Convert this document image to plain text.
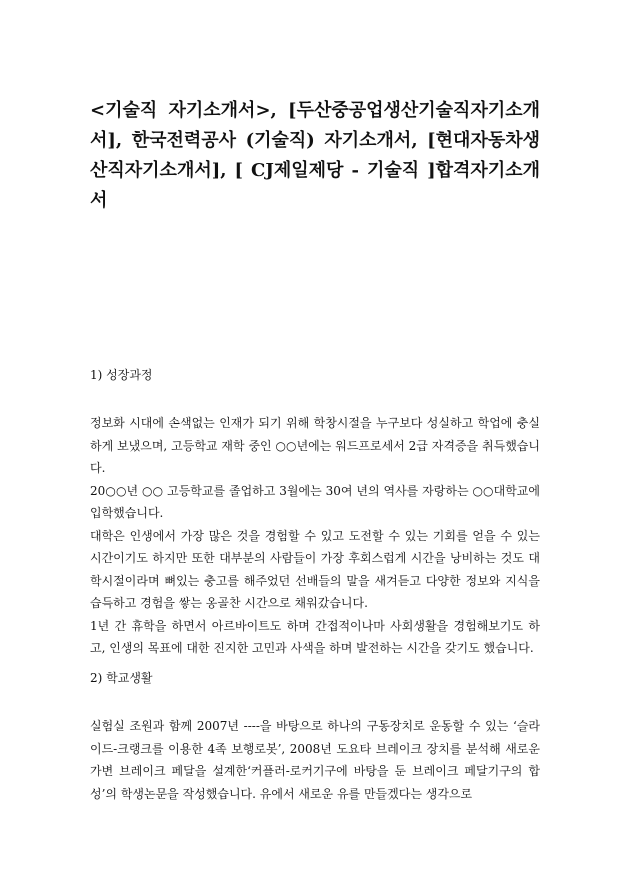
<기술직 자기소개서>, [두산중공업생산기술직자기소개서], 한국전력공사 (기술직) 자기소개서, [현대자동차생산직자기소개서], [ CJ제일제당 - 기술직 ]합격자기소개서
1) 성장과정

정보화 시대에 손색없는 인재가 되기 위해 학창시절을 누구보다 성실하고 학업에 충실하게 보냈으며, 고등학교 재학 중인 ○○년에는 워드프로세서 2급 자격증을 취득했습니다.

20○○년 ○○ 고등학교를 졸업하고 3월에는 30여 년의 역사를 자랑하는 ○○대학교에 입학했습니다.

대학은 인생에서 가장 많은 것을 경험할 수 있고 도전할 수 있는 기회를 얻을 수 있는 시간이기도 하지만 또한 대부분의 사람들이 가장 후회스럽게 시간을 낭비하는 것도 대학시절이라며 뼈있는 충고를 해주었던 선배들의 말을 새겨듣고 다양한 정보와 지식을 습득하고 경험을 쌓는 옹골찬 시간으로 채워갔습니다.

1년 간 휴학을 하면서 아르바이트도 하며 간접적이나마 사회생활을 경험해보기도 하고, 인생의 목표에 대한 진지한 고민과 사색을 하며 발전하는 시간을 갖기도 했습니다.

2) 학교생활

실험실 조원과 함께 2007년 ----을 바탕으로 하나의 구동장치로 운동할 수 있는 ‘슬라이드-크랭크를 이용한 4족 보행로봇’, 2008년 도요타 브레이크 장치를 분석해 새로운 가변 브레이크 페달을 설계한‘커플러-로커기구에 바탕을 둔 브레이크 페달기구의 합성’의 학생논문을 작성했습니다. 유에서 새로운 유를 만들겠다는 생각으로
